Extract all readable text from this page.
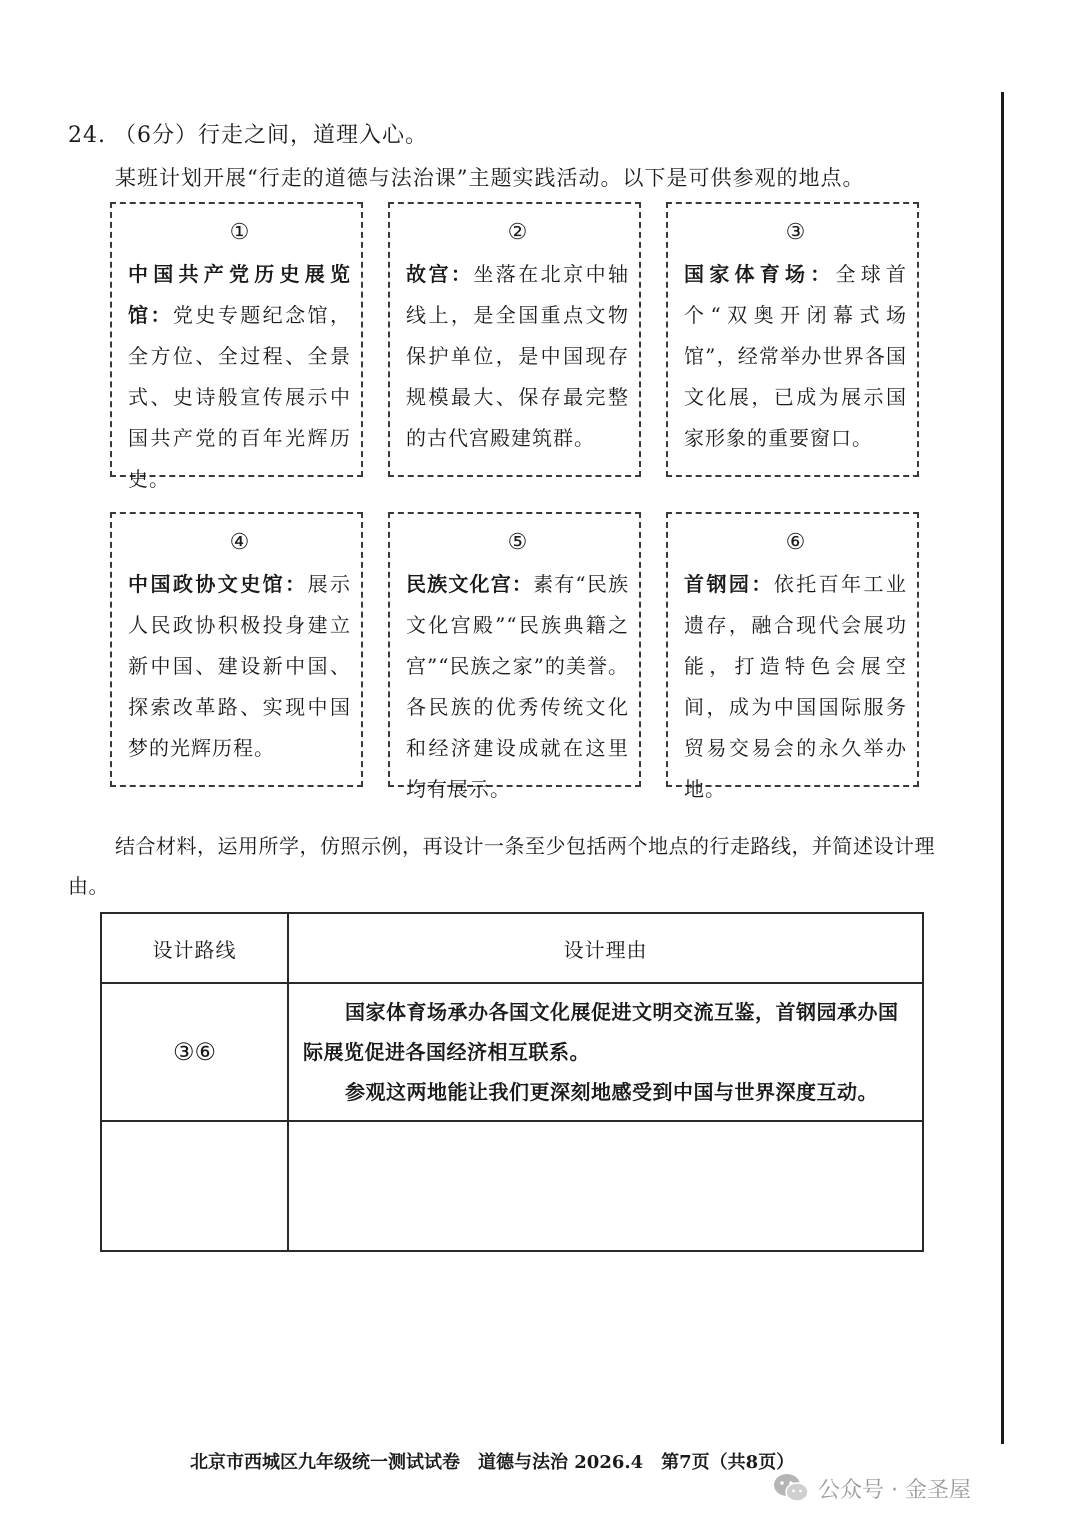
24. （6分）行走之间，道理入心。
某班计划开展“行走的道德与法治课”主题实践活动。以下是可供参观的地点。
①
中国共产党历史展览馆：党史专题纪念馆，全方位、全过程、全景式、史诗般宣传展示中国共产党的百年光辉历史。
②
故宫：坐落在北京中轴线上，是全国重点文物保护单位，是中国现存规模最大、保存最完整的古代宫殿建筑群。
③
国家体育场：全球首个“双奥开闭幕式场馆”，经常举办世界各国文化展，已成为展示国家形象的重要窗口。
④
中国政协文史馆：展示人民政协积极投身建立新中国、建设新中国、探索改革路、实现中国梦的光辉历程。
⑤
民族文化宫：素有“民族文化宫殿”“民族典籍之宫”“民族之家”的美誉。各民族的优秀传统文化和经济建设成就在这里均有展示。
⑥
首钢园：依托百年工业遗存，融合现代会展功能，打造特色会展空间，成为中国国际服务贸易交易会的永久举办地。
结合材料，运用所学，仿照示例，再设计一条至少包括两个地点的行走路线，并简述设计理由。
设计路线	设计理由
③⑥	国家体育场承办各国文化展促进文明交流互鉴，首钢园承办国际展览促进各国经济相互联系。

参观这两地能让我们更深刻地感受到中国与世界深度互动。

北京市西城区九年级统一测试试卷　道德与法治 2026.4　第7页（共8页）
公众号 · 金圣屋
